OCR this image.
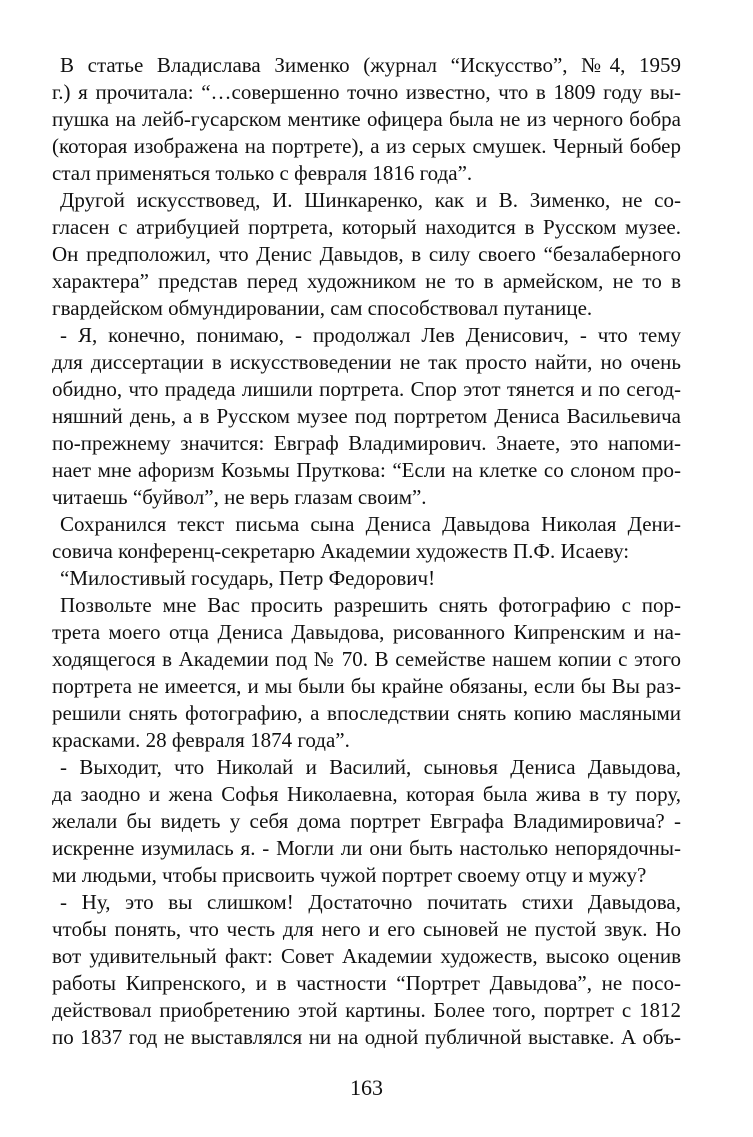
В статье Владислава Зименко (журнал “Искусство”, №4, 1959
г.) я прочитала: “…совершенно точно известно, что в 1809 году вы-
пушка на лейб-гусарском ментике офицера была не из черного бобра
(которая изображена на портрете), а из серых смушек. Черный бобер
стал применяться только с февраля 1816 года”.
Другой искусствовед, И. Шинкаренко, как и В. Зименко, не со-
гласен с атрибуцией портрета, который находится в Русском музее.
Он предположил, что Денис Давыдов, в силу своего “безалаберного
характера” представ перед художником не то в армейском, не то в
гвардейском обмундировании, сам способствовал путанице.
- Я, конечно, понимаю, - продолжал Лев Денисович, - что тему
для диссертации в искусствоведении не так просто найти, но очень
обидно, что прадеда лишили портрета. Спор этот тянется и по сегод-
няшний день, а в Русском музее под портретом Дениса Васильевича
по-прежнему значится: Евграф Владимирович. Знаете, это напоми-
нает мне афоризм Козьмы Пруткова: “Если на клетке со слоном про-
читаешь “буйвол”, не верь глазам своим”.
Сохранился текст письма сына Дениса Давыдова Николая Дени-
совича конференц-секретарю Академии художеств П.Ф. Исаеву:
“Милостивый государь, Петр Федорович!
Позвольте мне Вас просить разрешить снять фотографию с пор-
трета моего отца Дениса Давыдова, рисованного Кипренским и на-
ходящегося в Академии под № 70. В семействе нашем копии с этого
портрета не имеется, и мы были бы крайне обязаны, если бы Вы раз-
решили снять фотографию, а впоследствии снять копию масляными
красками. 28 февраля 1874 года”.
- Выходит, что Николай и Василий, сыновья Дениса Давыдова,
да заодно и жена Софья Николаевна, которая была жива в ту пору,
желали бы видеть у себя дома портрет Евграфа Владимировича? -
искренне изумилась я. - Могли ли они быть настолько непорядочны-
ми людьми, чтобы присвоить чужой портрет своему отцу и мужу?
- Ну, это вы слишком! Достаточно почитать стихи Давыдова,
чтобы понять, что честь для него и его сыновей не пустой звук. Но
вот удивительный факт: Совет Академии художеств, высоко оценив
работы Кипренского, и в частности “Портрет Давыдова”, не посо-
действовал приобретению этой картины. Более того, портрет с 1812
по 1837 год не выставлялся ни на одной публичной выставке. А объ-
163
